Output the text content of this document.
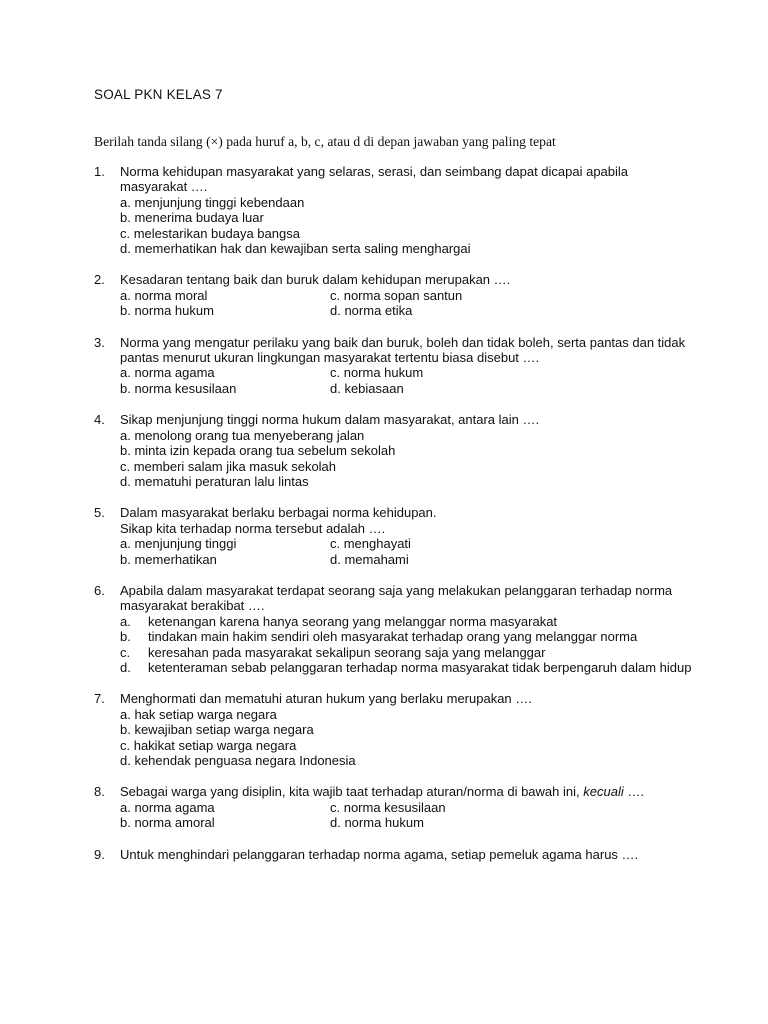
SOAL PKN KELAS 7
Berilah tanda silang (×) pada huruf a, b, c, atau d di depan jawaban yang paling tepat
1. Norma kehidupan masyarakat yang selaras, serasi, dan seimbang dapat dicapai apabila masyarakat ….
a. menjunjung tinggi kebendaan
b. menerima budaya luar
c. melestarikan budaya bangsa
d. memerhatikan hak dan kewajiban serta saling menghargai
2. Kesadaran tentang baik dan buruk dalam kehidupan merupakan ….
a. norma moral	c. norma sopan santun
b. norma hukum	d. norma etika
3. Norma yang mengatur perilaku yang baik dan buruk, boleh dan tidak boleh, serta pantas dan tidak pantas menurut ukuran lingkungan masyarakat tertentu biasa disebut ….
a. norma agama	c. norma hukum
b. norma kesusilaan	d. kebiasaan
4. Sikap menjunjung tinggi norma hukum dalam masyarakat, antara lain ….
a. menolong orang tua menyeberang jalan
b. minta izin kepada orang tua sebelum sekolah
c. memberi salam jika masuk sekolah
d. mematuhi peraturan lalu lintas
5. Dalam masyarakat berlaku berbagai norma kehidupan.
Sikap kita terhadap norma tersebut adalah ….
a. menjunjung tinggi	c. menghayati
b. memerhatikan	d. memahami
6. Apabila dalam masyarakat terdapat seorang saja yang melakukan pelanggaran terhadap norma masyarakat berakibat ….
a. ketenangan karena hanya seorang yang melanggar norma masyarakat
b. tindakan main hakim sendiri oleh masyarakat terhadap orang yang melanggar norma
c. keresahan pada masyarakat sekalipun seorang saja yang melanggar
d. ketenteraman sebab pelanggaran terhadap norma masyarakat tidak berpengaruh dalam hidup
7. Menghormati dan mematuhi aturan hukum yang berlaku merupakan ….
a. hak setiap warga negara
b. kewajiban setiap warga negara
c. hakikat setiap warga negara
d. kehendak penguasa negara Indonesia
8. Sebagai warga yang disiplin, kita wajib taat terhadap aturan/norma di bawah ini, kecuali ….
a. norma agama	c. norma kesusilaan
b. norma amoral	d. norma hukum
9. Untuk menghindari pelanggaran terhadap norma agama, setiap pemeluk agama harus ….
